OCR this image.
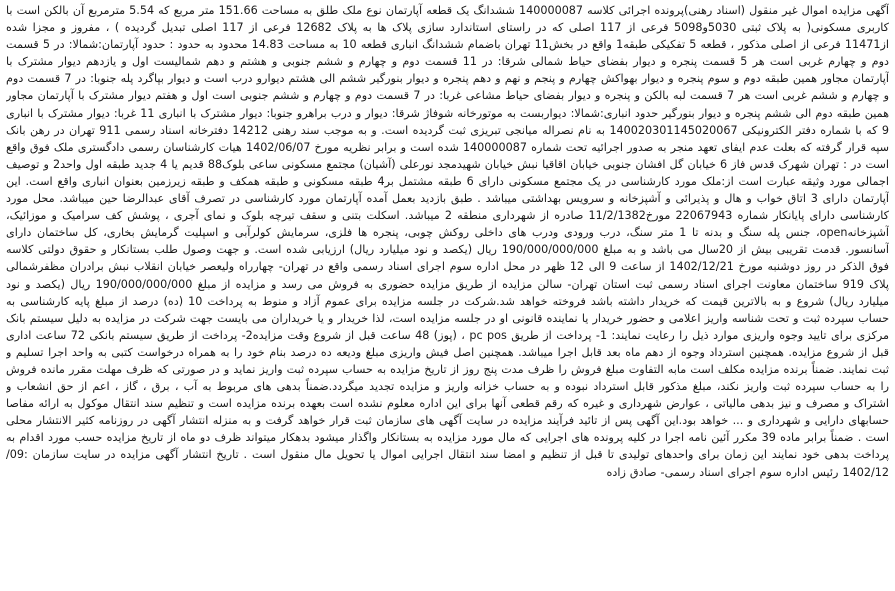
آگهی مزایده اموال غیر منقول (اسناد رهنی)پرونده اجرائی کلاسه 140000087 ششدانگ یک قطعه آپارتمان نوع ملک طلق به مساحت 151.66 متر مربع که 5.54 مترمربع آن بالکن است با کاربری مسکونی( به پلاک ثبتی 5030و5098 فرعی از 117 اصلی که در راستای استاندارد سازی پلاک ها به پلاک 12682 فرعی از 117 اصلی تبدیل گردیده ) ، مفروز و مجزا شده از11471 فرعی از اصلی مذکور ، قطعه 5 تفکیکی طبقه1 واقع در بخش11 تهران باضمام ششدانگ انباری قطعه 10 به مساحت 14.83 محدود به حدود : حدود آپارتمان:شمالا: در 5 قسمت دوم و چهارم غربی است هر 5 قسمت پنجره و دیوار بفضای حیاط شمالی شرقا: در 11 قسمت دوم و چهارم و ششم جنوبی و هشتم و دهم شمالیست اول و یازدهم دیوار مشترک با آپارتمان مجاور همین طبقه دوم و سوم پنجره و دیوار بهواکش چهارم و پنجم و نهم و دهم پنجره و دیوار بنورگیر ششم الی هشتم دیوارو درب است و دیوار بپاگرد پله جنوبا: در 7 قسمت دوم و چهارم و ششم غربی است هر 7 قسمت لبه بالکن و پنجره و دیوار بفضای حیاط مشاعی غربا: در 7 قسمت دوم و چهارم و ششم جنوبی است اول و هفتم دیوار مشترک با آپارتمان مجاور همین طبقه دوم الی ششم پنجره و دیوار بنورگیر حدود انباری:شمالا: دیواربست به موتورخانه شوفاژ شرقا: دیوار و درب براهرو جنوبا: دیوار مشترک با انباری 11 غربا: دیوار مشترک با انباری 9 که با شماره دفتر الکترونیکی 140020301145020067 به نام نصراله میانجی تبریزی ثبت گردیده است. و به موجب سند رهنی 14212 دفترخانه اسناد رسمی 911 تهران در رهن بانک سپه قرار گرفته که بعلت عدم ایفای تعهد منجر به صدور اجرائیه تحت شماره 140000087 شده است و برابر نظریه مورخ 1402/06/07 هیات کارشناسان رسمی دادگستری ملک فوق واقع است در : تهران شهرک قدس فاز 6 خیابان گل افشان جنوبی خیابان اقاقیا نبش خیابان شهیدمجد نورعلی (آشیان) مجتمع مسکونی ساعی بلوک88 قدیم یا 4 جدید طبقه اول واحد2 و توصیف اجمالی مورد وثیقه عبارت است از:ملک مورد کارشناسی در یک مجتمع مسکونی دارای 6 طبقه مشتمل بر4 طبقه مسکونی و طبقه همکف و طبقه زیرزمین بعنوان انباری واقع است. این آپارتمان دارای 3 اتاق خواب و هال و پذیرائی و آشپزخانه و سرویس بهداشتی میباشد . طبق بازدید بعمل آمده آپارتمان مورد کارشناسی در تصرف آقای عبدالرضا حین میباشد. محل مورد کارشناسی دارای پایانکار شماره 22067943 مورخ11/2/1382 صادره از شهرداری منطقه 2 میباشد. اسکلت بتنی و سقف تیرچه بلوک و نمای آجری ، پوشش کف سرامیک و موزائیک، آشپزخانهopen، جنس پله سنگ و بدنه تا 1 متر سنگ، درب ورودی ودرب های داخلی روکش چوبی، پنجره ها فلزی، سرمایش کولرآبی و اسپلیت گرمایش بخاری، کل ساختمان دارای آسانسور. قدمت تقریبی بیش از 20سال می باشد و به مبلغ 190/000/000/000 ریال (یکصد و نود میلیارد ریال) ارزیابی شده است. و جهت وصول طلب بستانکار و حقوق دولتی کلاسه فوق الذکر در روز دوشنبه مورخ 1402/12/21 از ساعت 9 الی 12 ظهر در محل اداره سوم اجرای اسناد رسمی واقع در تهران- چهارراه ولیعصر خیابان انقلاب نبش برادران مظفرشمالی پلاک 919 ساختمان معاونت اجرای اسناد رسمی ثبت استان تهران- سالن مزایده از طریق مزایده حضوری به فروش می رسد و مزایده از مبلغ 190/000/000/000 ریال (یکصد و نود میلیارد ریال) شروع و به بالاترین قیمت که خریدار داشته باشد فروخته خواهد شد.شرکت در جلسه مزایده برای عموم آزاد و منوط به پرداخت 10 (ده) درصد از مبلغ پایه کارشناسی به حساب سپرده ثبت و تحت شناسه واریز اعلامی و حضور خریدار یا نماینده قانونی او در جلسه مزایده است، لذا خریدار و یا خریداران می بایست جهت شرکت در مزایده به دلیل سیستم بانک مرکزی برای تایید وجوه واریزی موارد ذیل را رعایت نمایند: 1- پرداخت از طریق pc pos ، (پوز) 48 ساعت قبل از شروع وقت مزایده2- پرداخت از طریق سیستم بانکی 72 ساعت اداری قبل از شروع مزایده. همچنین استرداد وجوه از دهم ماه بعد قابل اجرا میباشد. همچنین اصل فیش واریزی مبلغ ودیعه ده درصد بنام خود را به همراه درخواست کتبی به واحد اجرا تسلیم و ثبت نمایند. ضمناً برنده مزایده مکلف است مابه التفاوت مبلغ فروش را ظرف مدت پنج روز از تاریخ مزایده به حساب سپرده ثبت واریز نماید و در صورتی که ظرف مهلت مقرر مانده فروش را به حساب سپرده ثبت واریز نکند، مبلغ مذکور قابل استرداد نبوده و به حساب خزانه واریز و مزایده تجدید میگردد.ضمناً بدهی های مربوط به آب ، برق ، گاز ، اعم از حق انشعاب و اشتراک و مصرف و نیز بدهی مالیاتی ، عوارض شهرداری و غیره که رقم قطعی آنها برای این اداره معلوم نشده است بعهده برنده مزایده است و تنظیم سند انتقال موکول به ارائه مفاصا حسابهای دارایی و شهرداری و ... خواهد بود.این آگهی پس از تائید فرآیند مزایده در سایت آگهی های سازمان ثبت قرار خواهد گرفت و به منزله انتشار آگهی در روزنامه کثیر الانتشار محلی است . ضمناً برابر ماده 39 مکرر آئین نامه اجرا در کلیه پرونده های اجرایی که مال مورد مزایده به بستانکار واگذار میشود بدهکار میتواند ظرف دو ماه از تاریخ مزایده حسب مورد اقدام به پرداخت بدهی خود نمایند این زمان برای واحدهای تولیدی تا قبل از تنظیم و امضا سند انتقال اجرایی اموال یا تحویل مال منقول است . تاریخ انتشار آگهی مزایده در سایت سازمان :09/ 1402/12 رئیس اداره سوم اجرای اسناد رسمی- صادق زاده
